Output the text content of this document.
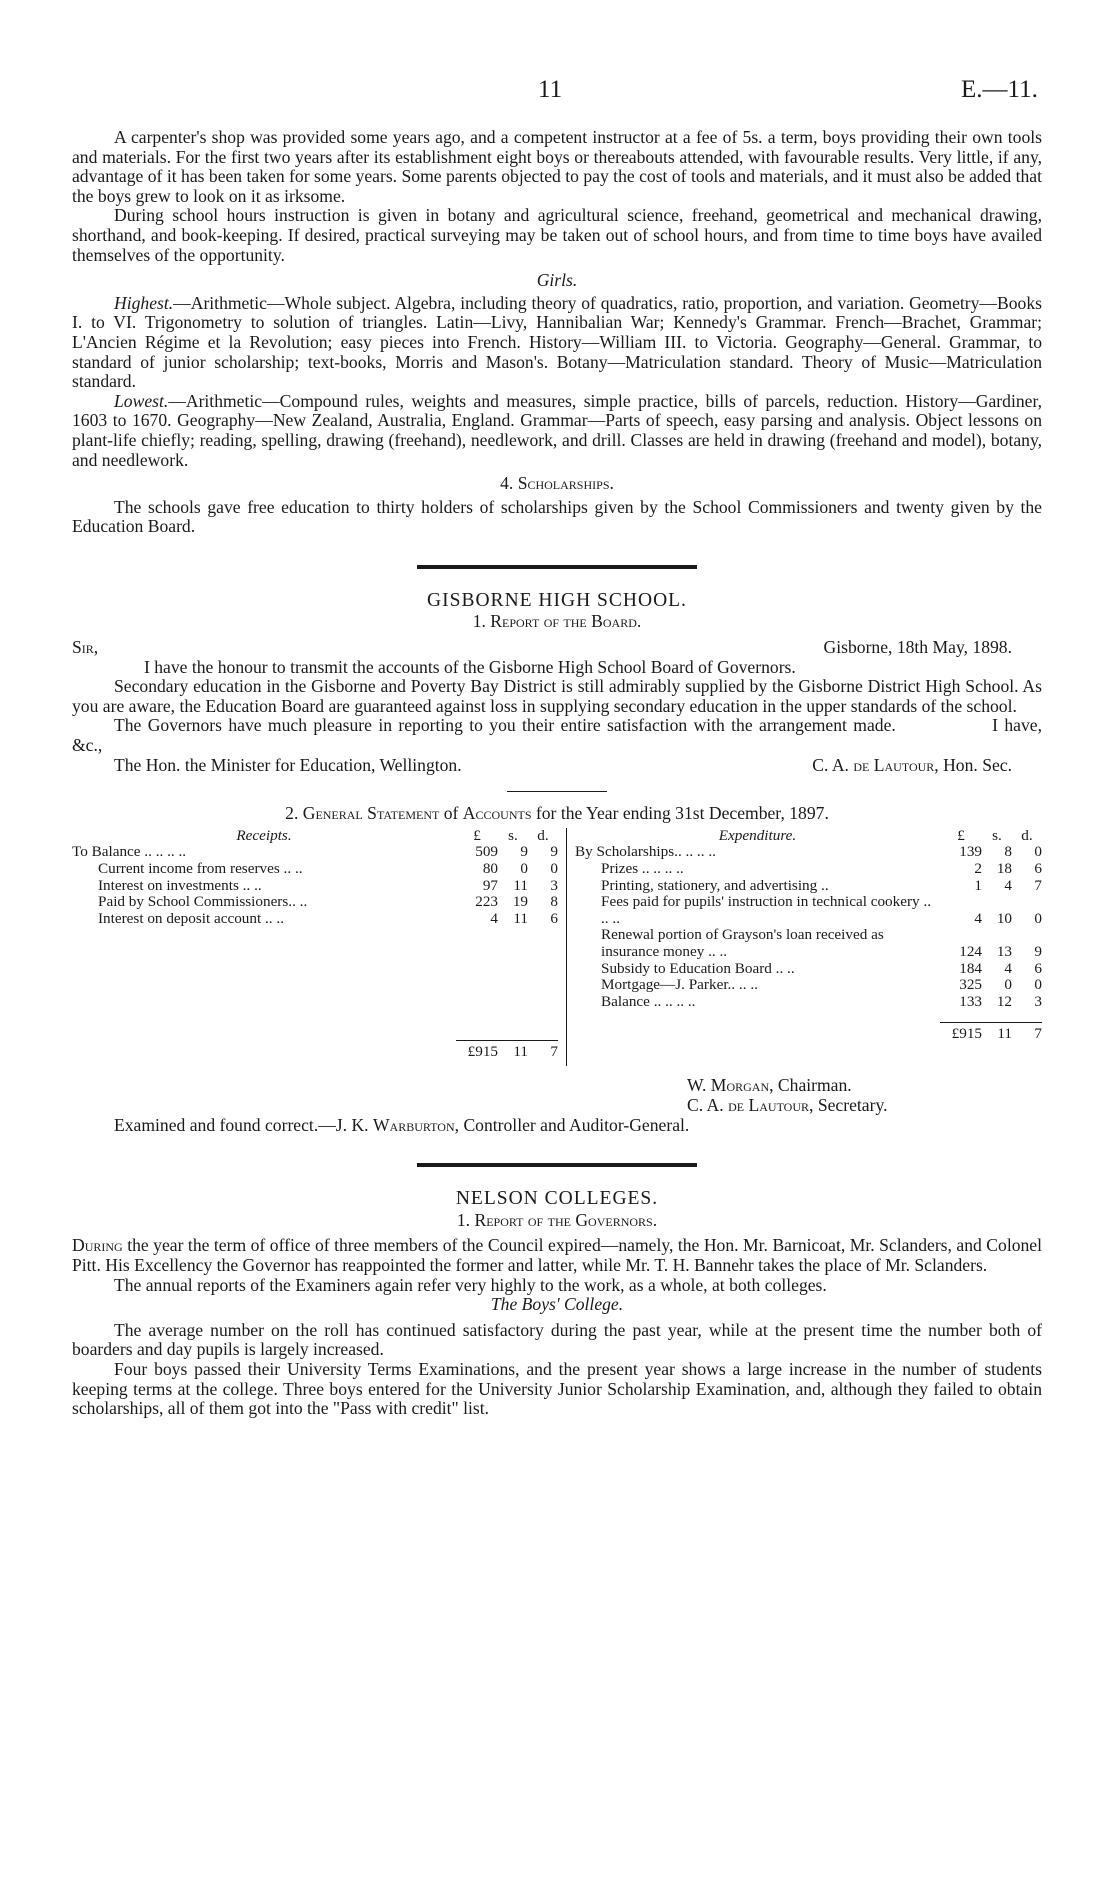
11	E.—11.

A carpenter's shop was provided some years ago, and a competent instructor at a fee of 5s. a term, boys providing their own tools and materials. For the first two years after its establishment eight boys or thereabouts attended, with favourable results. Very little, if any, advantage of it has been taken for some years. Some parents objected to pay the cost of tools and materials, and it must also be added that the boys grew to look on it as irksome.

During school hours instruction is given in botany and agricultural science, freehand, geometrical and mechanical drawing, shorthand, and book-keeping. If desired, practical surveying may be taken out of school hours, and from time to time boys have availed themselves of the opportunity.

Girls.

Highest.—Arithmetic—Whole subject. Algebra, including theory of quadratics, ratio, proportion, and variation. Geometry—Books I. to VI. Trigonometry to solution of triangles. Latin—Livy, Hannibalian War; Kennedy's Grammar. French—Brachet, Grammar; L'Ancien Régime et la Revolution; easy pieces into French. History—William III. to Victoria. Geography—General. Grammar, to standard of junior scholarship; text-books, Morris and Mason's. Botany—Matriculation standard. Theory of Music—Matriculation standard.

Lowest.—Arithmetic—Compound rules, weights and measures, simple practice, bills of parcels, reduction. History—Gardiner, 1603 to 1670. Geography—New Zealand, Australia, England. Grammar—Parts of speech, easy parsing and analysis. Object lessons on plant-life chiefly; reading, spelling, drawing (freehand), needlework, and drill. Classes are held in drawing (freehand and model), botany, and needlework.

4. Scholarships.

The schools gave free education to thirty holders of scholarships given by the School Commissioners and twenty given by the Education Board.

GISBORNE HIGH SCHOOL.

1. Report of the Board.

Sir,	Gisborne, 18th May, 1898.

I have the honour to transmit the accounts of the Gisborne High School Board of Governors.

Secondary education in the Gisborne and Poverty Bay District is still admirably supplied by the Gisborne District High School. As you are aware, the Education Board are guaranteed against loss in supplying secondary education in the upper standards of the school.

The Governors have much pleasure in reporting to you their entire satisfaction with the arrangement made.	I have, &c.,

The Hon. the Minister for Education, Wellington.	C. A. de Lautour, Hon. Sec.

2. General Statement of Accounts for the Year ending 31st December, 1897.

Receipts.	£	s.	d.
To Balance .. .. .. ..	509	9	9
Current income from reserves .. ..	80	0	0
Interest on investments .. ..	97	11	3
Paid by School Commissioners.. ..	223	19	8
Interest on deposit account .. ..	4	11	6

	£915	11	7
Expenditure.	£	s.	d.
By Scholarships.. .. .. ..	139	8	0
Prizes .. .. .. ..	2	18	6
Printing, stationery, and advertising ..	1	4	7
Fees paid for pupils' instruction in technical cookery .. .. ..	4	10	0
Renewal portion of Grayson's loan received as insurance money .. ..	124	13	9
Subsidy to Education Board .. ..	184	4	6
Mortgage—J. Parker.. .. ..	325	0	0
Balance .. .. .. ..	133	12	3

	£915	11	7

W. Morgan, Chairman.

C. A. de Lautour, Secretary.

Examined and found correct.—J. K. Warburton, Controller and Auditor-General.

NELSON COLLEGES.

1. Report of the Governors.

During the year the term of office of three members of the Council expired—namely, the Hon. Mr. Barnicoat, Mr. Sclanders, and Colonel Pitt. His Excellency the Governor has reappointed the former and latter, while Mr. T. H. Bannehr takes the place of Mr. Sclanders.

The annual reports of the Examiners again refer very highly to the work, as a whole, at both colleges.

The Boys' College.

The average number on the roll has continued satisfactory during the past year, while at the present time the number both of boarders and day pupils is largely increased.

Four boys passed their University Terms Examinations, and the present year shows a large increase in the number of students keeping terms at the college. Three boys entered for the University Junior Scholarship Examination, and, although they failed to obtain scholarships, all of them got into the "Pass with credit" list.
